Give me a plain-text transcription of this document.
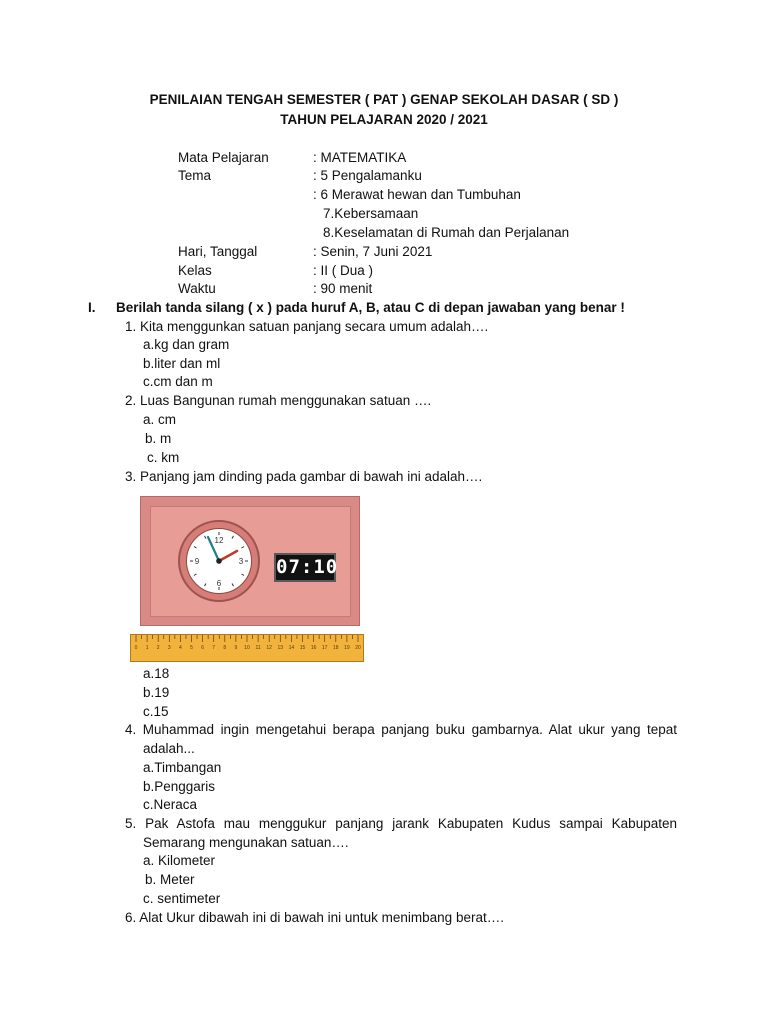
PENILAIAN TENGAH SEMESTER ( PAT ) GENAP SEKOLAH DASAR ( SD )
TAHUN PELAJARAN 2020 / 2021
Mata Pelajaran	: MATEMATIKA
Tema	: 5 Pengalamanku
: 6 Merawat hewan dan Tumbuhan
7.Kebersamaan
8.Keselamatan di Rumah dan Perjalanan
Hari, Tanggal	: Senin, 7 Juni 2021
Kelas	: II ( Dua )
Waktu	: 90 menit
I. Berilah tanda silang ( x ) pada huruf A, B, atau C di depan jawaban yang benar !
1. Kita menggunkan satuan panjang secara umum adalah….
a.kg dan gram
b.liter dan ml
c.cm dan m
2. Luas Bangunan rumah menggunakan satuan ….
a. cm
b. m
c. km
3. Panjang jam dinding pada gambar di bawah ini adalah….
12
3
6
9	07:10
0 1 2 3 4 5 6 7 8 9 10 11 12 13 14 15 16 17 18 19 20
a.18
b.19
c.15
4. Muhammad ingin mengetahui berapa panjang buku gambarnya. Alat ukur yang tepat
adalah...
a.Timbangan
b.Penggaris
c.Neraca
5. Pak Astofa mau menggukur panjang jarank Kabupaten Kudus sampai Kabupaten
Semarang mengunakan satuan….
a. Kilometer
b. Meter
c. sentimeter
6. Alat Ukur dibawah ini di bawah ini untuk menimbang berat….
